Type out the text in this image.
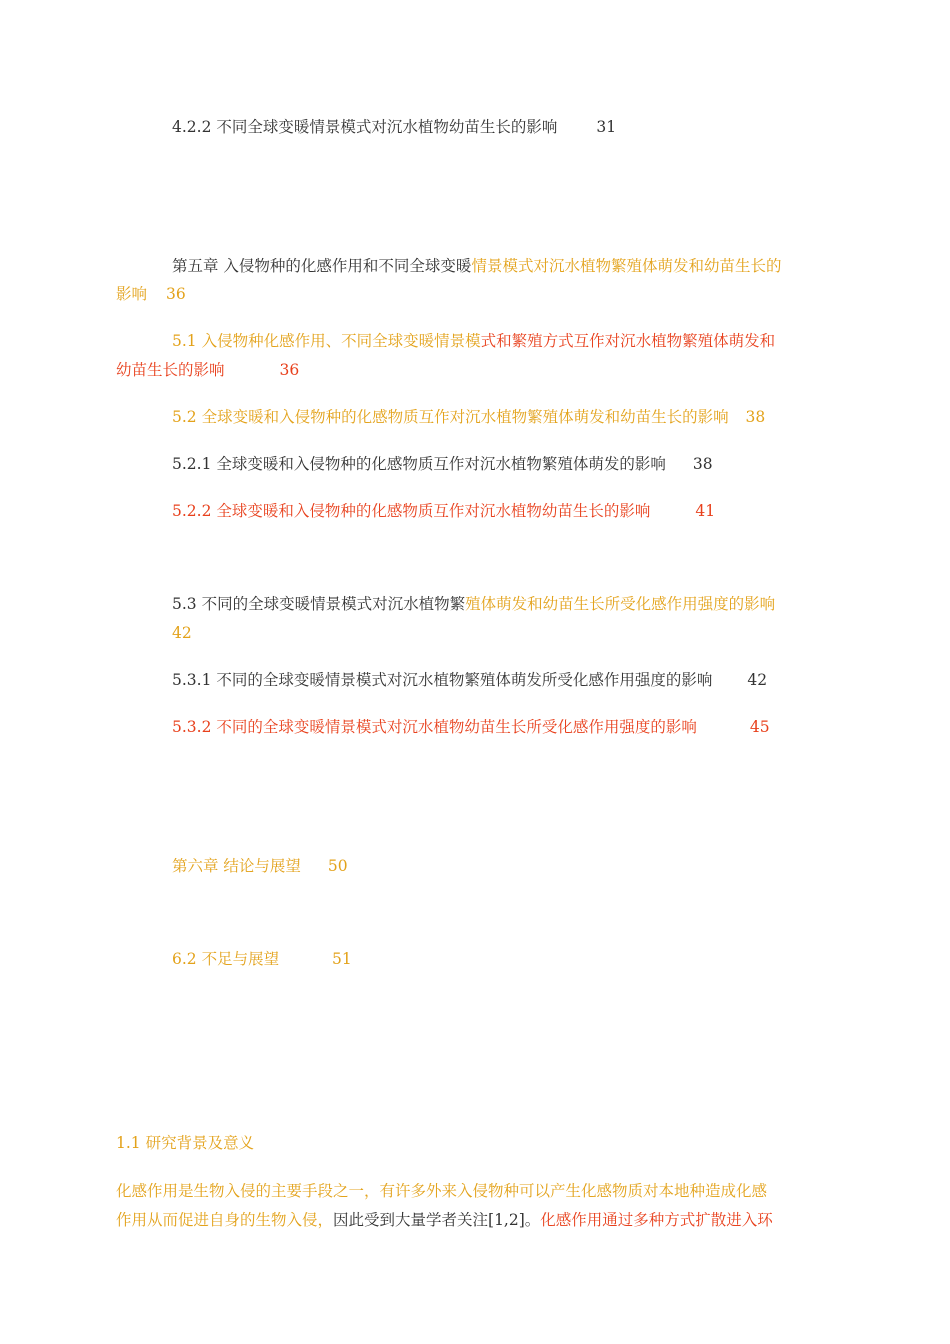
4.2.2 不同全球变暖情景模式对沉水植物幼苗生长的影响	31
第五章 入侵物种的化感作用和不同全球变暖情景模式对沉水植物繁殖体萌发和幼苗生长的
影响 36
5.1 入侵物种化感作用、不同全球变暖情景模式和繁殖方式互作对沉水植物繁殖体萌发和
幼苗生长的影响	36
5.2 全球变暖和入侵物种的化感物质互作对沉水植物繁殖体萌发和幼苗生长的影响 38
5.2.1 全球变暖和入侵物种的化感物质互作对沉水植物繁殖体萌发的影响 38
5.2.2 全球变暖和入侵物种的化感物质互作对沉水植物幼苗生长的影响	41
5.3 不同的全球变暖情景模式对沉水植物繁殖体萌发和幼苗生长所受化感作用强度的影响
42
5.3.1 不同的全球变暖情景模式对沉水植物繁殖体萌发所受化感作用强度的影响 42
5.3.2 不同的全球变暖情景模式对沉水植物幼苗生长所受化感作用强度的影响	45
第六章 结论与展望 50
6.2 不足与展望	51
1.1 研究背景及意义
化感作用是生物入侵的主要手段之一，有许多外来入侵物种可以产生化感物质对本地种造成化感
作用从而促进自身的生物入侵，因此受到大量学者关注[1,2]。化感作用通过多种方式扩散进入环
